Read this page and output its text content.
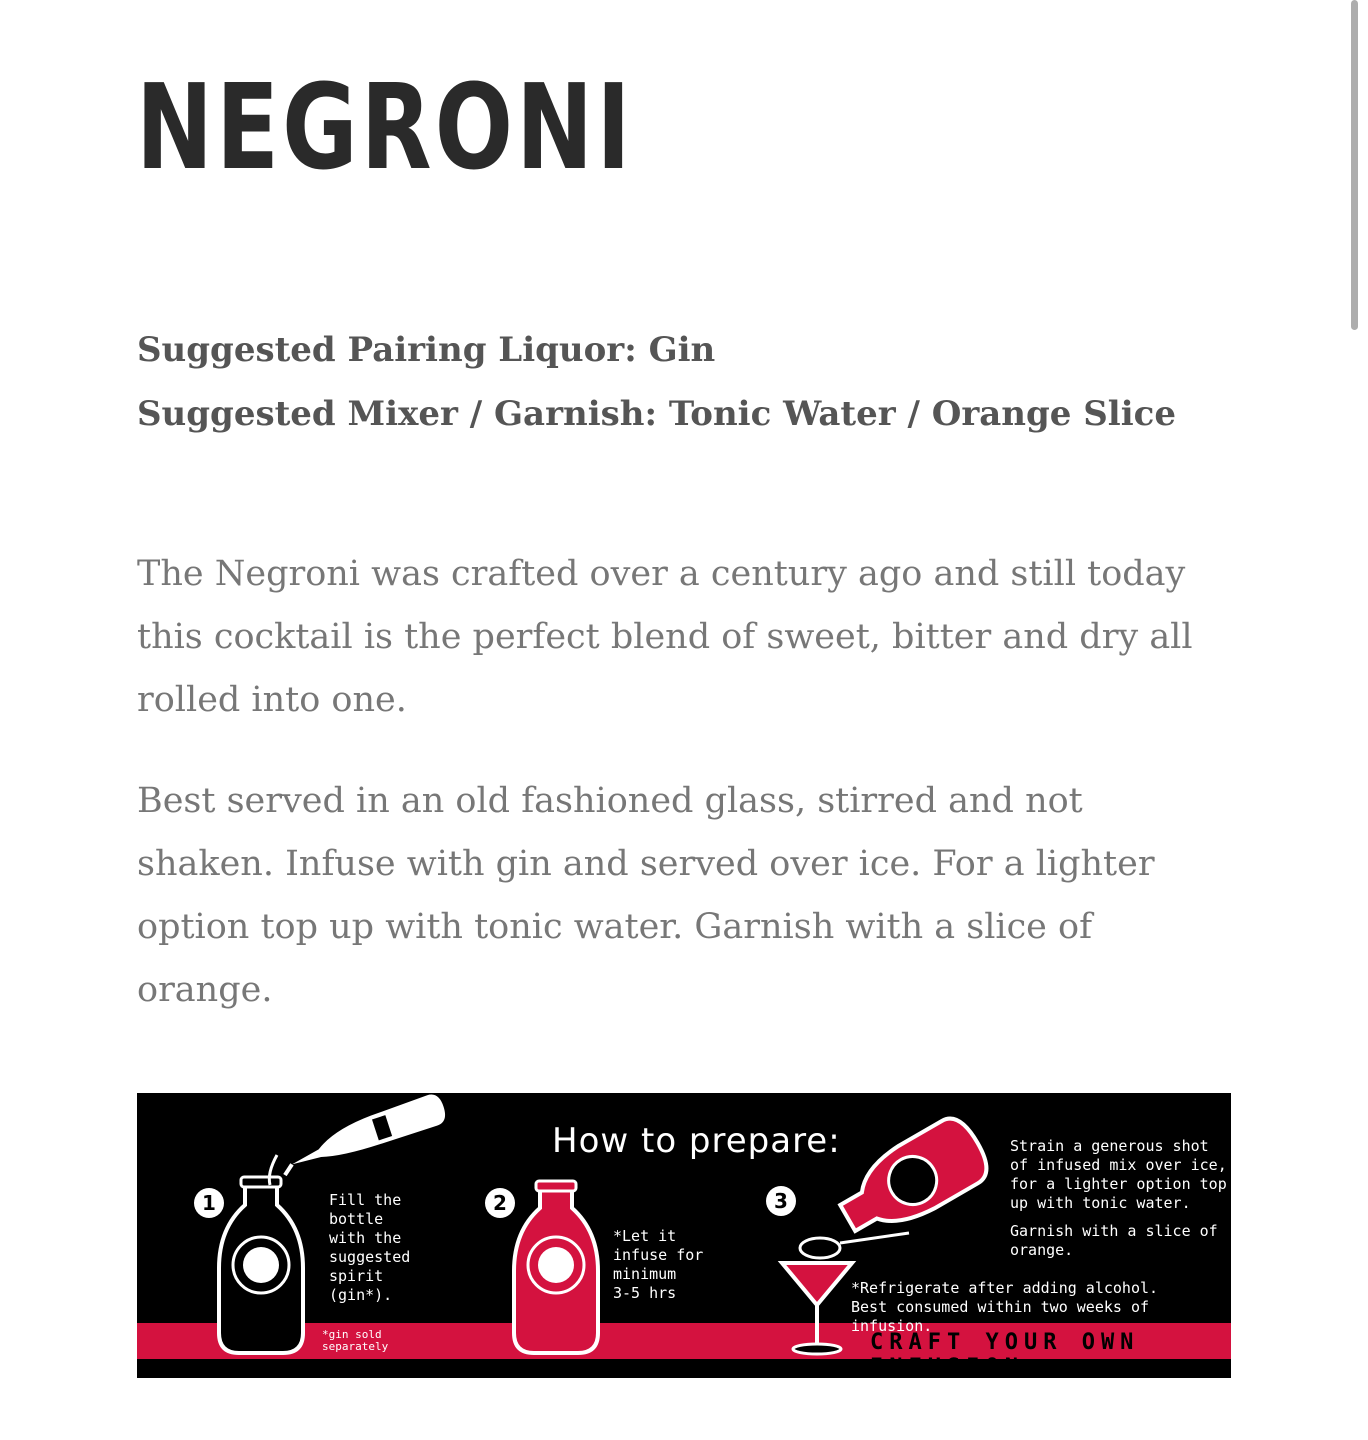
NEGRONI
Suggested Pairing Liquor: Gin
Suggested Mixer / Garnish: Tonic Water / Orange Slice

The Negroni was crafted over a century ago and still today this cocktail is the perfect blend of sweet, bitter and dry all rolled into one.

Best served in an old fashioned glass, stirred and not shaken. Infuse with gin and served over ice. For a lighter option top up with tonic water. Garnish with a slice of orange.

How to prepare:
1	Fill the
bottle
with the
suggested
spirit
(gin*).
*gin sold
separately
2
*Let it
infuse for
minimum
3-5 hrs
3
Strain a generous shot
of infused mix over ice,
for a lighter option top
up with tonic water.
Garnish with a slice of
orange.
*Refrigerate after adding alcohol.
Best consumed within two weeks of infusion.
CRAFT YOUR OWN INFUSION
